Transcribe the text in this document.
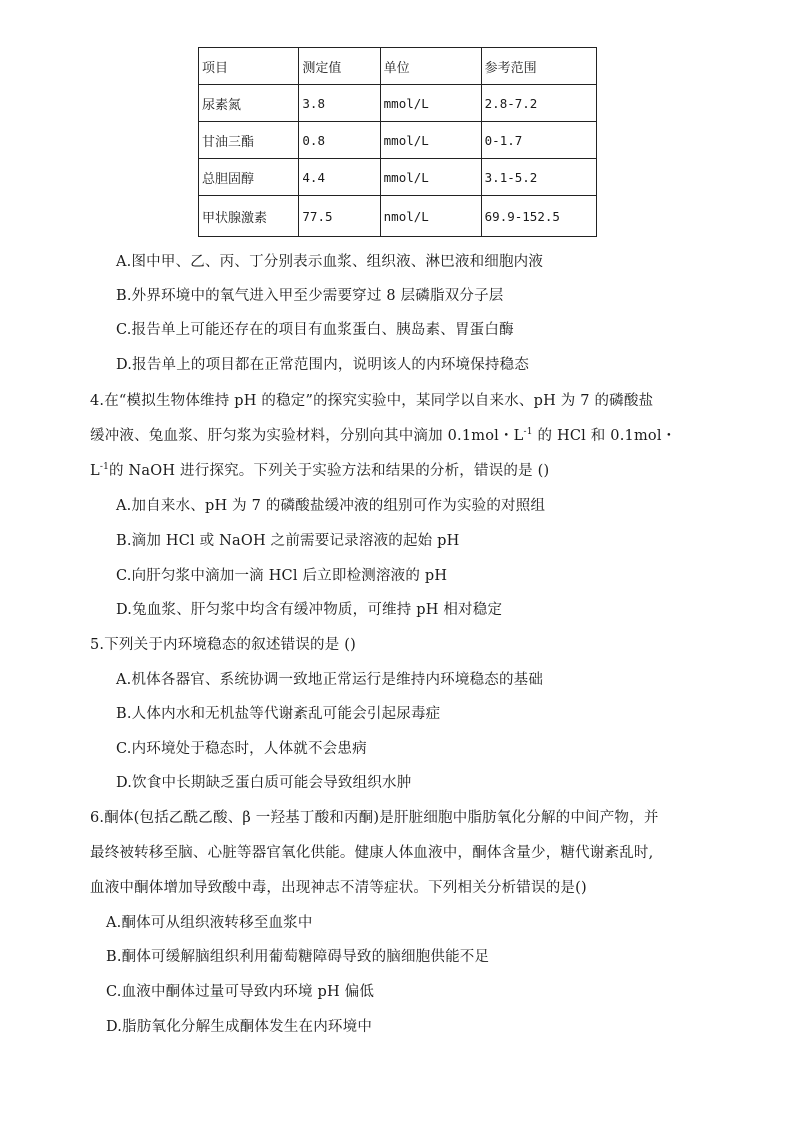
项目	测定值	单位	参考范围
尿素氮	3.8	mmol/L	2.8-7.2
甘油三酯	0.8	mmol/L	0-1.7
总胆固醇	4.4	mmol/L	3.1-5.2
甲状腺激素	77.5	nmol/L	69.9-152.5
A.图中甲、乙、丙、丁分别表示血浆、组织液、淋巴液和细胞内液
B.外界环境中的氧气进入甲至少需要穿过 8 层磷脂双分子层
C.报告单上可能还存在的项目有血浆蛋白、胰岛素、胃蛋白酶
D.报告单上的项目都在正常范围内，说明该人的内环境保持稳态
4.在“模拟生物体维持 pH 的稳定”的探究实验中，某同学以自来水、pH 为 7 的磷酸盐
缓冲液、兔血浆、肝匀浆为实验材料，分别向其中滴加 0.1mol・$L^{-1}$ 的 HCl 和 0.1mol・
$L^{-1}$的 NaOH 进行探究。下列关于实验方法和结果的分析，错误的是 ()
A.加自来水、pH 为 7 的磷酸盐缓冲液的组别可作为实验的对照组
B.滴加 HCl 或 NaOH 之前需要记录溶液的起始 pH
C.向肝匀浆中滴加一滴 HCl 后立即检测溶液的 pH
D.兔血浆、肝匀浆中均含有缓冲物质，可维持 pH 相对稳定
5.下列关于内环境稳态的叙述错误的是 ()
A.机体各器官、系统协调一致地正常运行是维持内环境稳态的基础
B.人体内水和无机盐等代谢紊乱可能会引起尿毒症
C.内环境处于稳态时，人体就不会患病
D.饮食中长期缺乏蛋白质可能会导致组织水肿
6.酮体(包括乙酰乙酸、β 一羟基丁酸和丙酮)是肝脏细胞中脂肪氧化分解的中间产物，并
最终被转移至脑、心脏等器官氧化供能。健康人体血液中，酮体含量少，糖代谢紊乱时,
血液中酮体增加导致酸中毒，出现神志不清等症状。下列相关分析错误的是()
A.酮体可从组织液转移至血浆中
B.酮体可缓解脑组织利用葡萄糖障碍导致的脑细胞供能不足
C.血液中酮体过量可导致内环境 pH 偏低
D.脂肪氧化分解生成酮体发生在内环境中
